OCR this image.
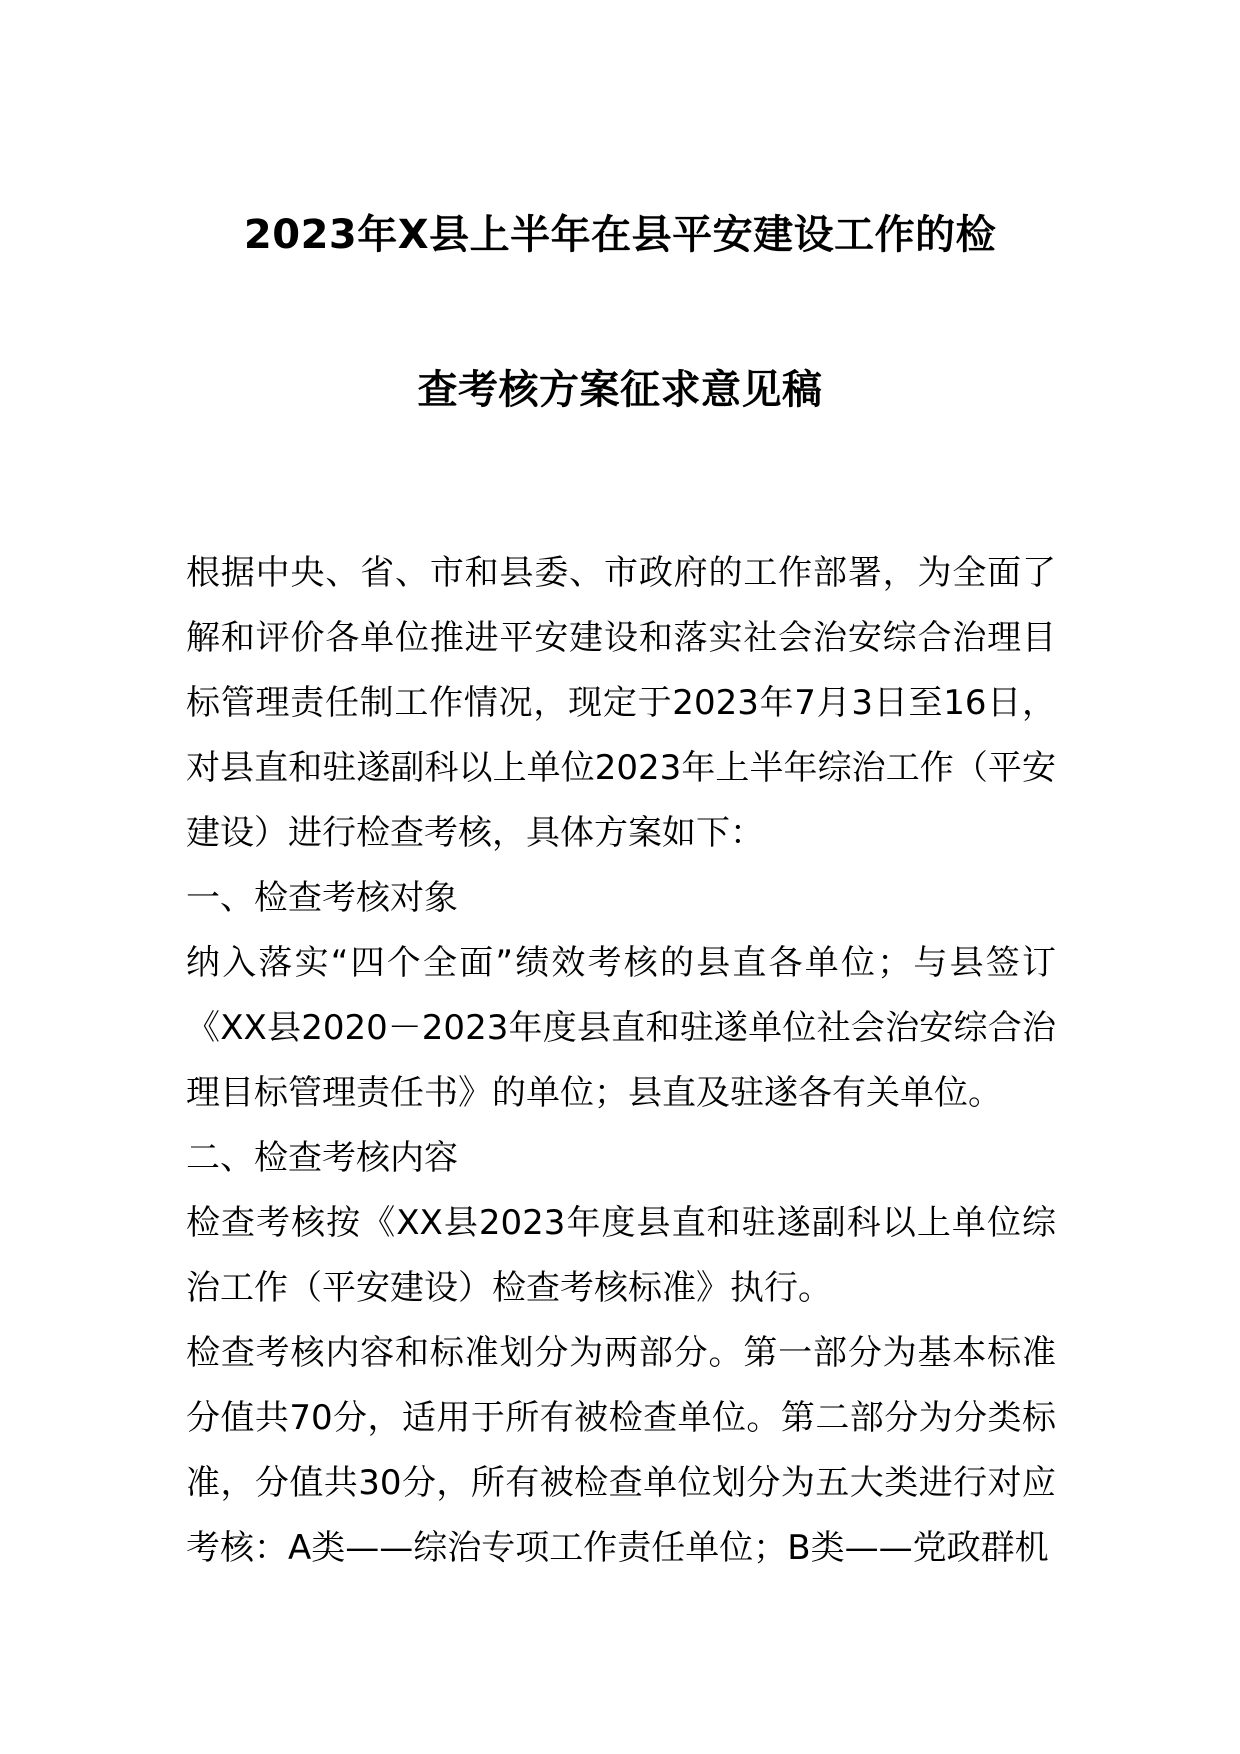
2023年X县上半年在县平安建设工作的检
查考核方案征求意见稿

根据中央、省、市和县委、市政府的工作部署，为全面了解和评价各单位推进平安建设和落实社会治安综合治理目标管理责任制工作情况，现定于2023年7月3日至16日，对县直和驻遂副科以上单位2023年上半年综治工作（平安建设）进行检查考核，具体方案如下：

一、检查考核对象

纳入落实“四个全面”绩效考核的县直各单位；与县签订《XX县2020－2023年度县直和驻遂单位社会治安综合治理目标管理责任书》的单位；县直及驻遂各有关单位。

二、检查考核内容

检查考核按《XX县2023年度县直和驻遂副科以上单位综治工作（平安建设）检查考核标准》执行。

检查考核内容和标准划分为两部分。第一部分为基本标准分值共70分，适用于所有被检查单位。第二部分为分类标准，分值共30分，所有被检查单位划分为五大类进行对应考核：A类——综治专项工作责任单位；B类——党政群机
